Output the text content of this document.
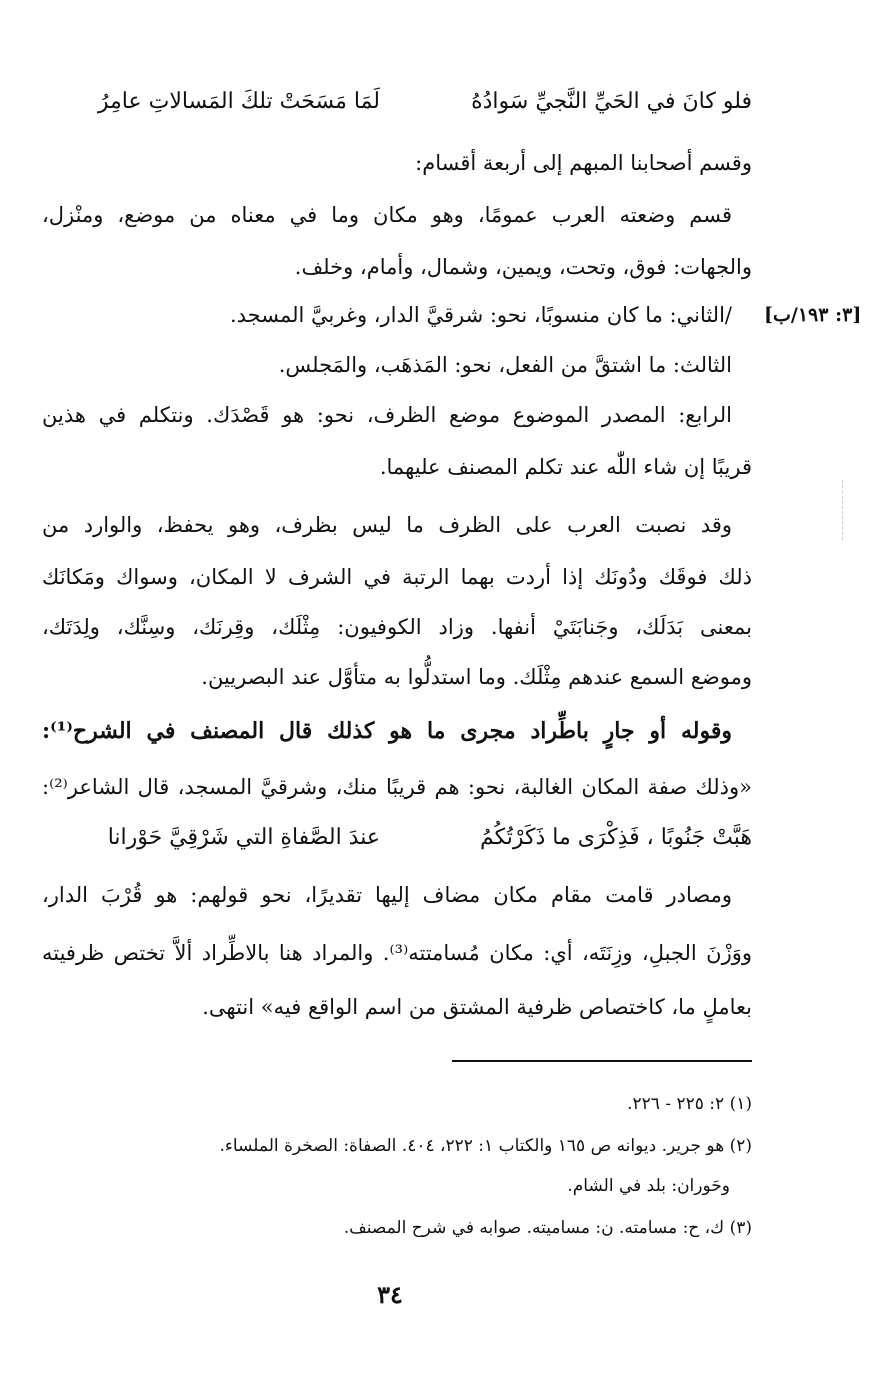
فلو كانَ في الحَيِّ النَّجيِّ سَوادُهُ
لَمَا مَسَحَتْ تلكَ المَسالاتِ عامِرُ
وقسم أصحابنا المبهم إلى أربعة أقسام:
قسم وضعته العرب عمومًا، وهو مكان وما في معناه من موضع، ومنْزل،
والجهات: فوق، وتحت، ويمين، وشمال، وأمام، وخلف.
[٣: ١٩٣/ب]
/الثاني: ما كان منسوبًا، نحو: شرقيَّ الدار، وغربيَّ المسجد.
الثالث: ما اشتقَّ من الفعل، نحو: المَذهَب، والمَجلس.
الرابع: المصدر الموضوع موضع الظرف، نحو: هو قَصْدَك. ونتكلم في هذين
قريبًا إن شاء اللّٰه عند تكلم المصنف عليهما.
وقد نصبت العرب على الظرف ما ليس بظرف، وهو يحفظ، والوارد من
ذلك فوقَك ودُونَك إذا أردت بهما الرتبة في الشرف لا المكان، وسواك ومَكانَك
بمعنى بَدَلَك، وجَنابَتَيْ أنفها. وزاد الكوفيون: مِثْلَك، وقِرنَك، وسِنَّك، ولِدَتَك،
وموضع السمع عندهم مِثْلَك. وما استدلُّوا به متأوَّل عند البصريين.
وقوله أو جارٍ باطِّراد مجرى ما هو كذلك قال المصنف في الشرح⁽¹⁾:
«وذلك صفة المكان الغالبة، نحو: هم قريبًا منك، وشرقيَّ المسجد، قال الشاعر⁽²⁾:
هَبَّتْ جَنُوبًا ، فَذِكْرَى ما ذَكَرْتُكُمُ
عندَ الصَّفاةِ التي شَرْقِيَّ حَوْرانا
ومصادر قامت مقام مكان مضاف إليها تقديرًا، نحو قولهم: هو قُرْبَ الدار،
ووَزْنَ الجبلِ، وزِنَتَه، أي: مكان مُسامتته⁽³⁾. والمراد هنا بالاطِّراد ألاَّ تختص ظرفيته
بعاملٍ ما، كاختصاص ظرفية المشتق من اسم الواقع فيه» انتهى.
(١) ٢: ٢٢٥ - ٢٢٦.
(٢) هو جرير. ديوانه ص ١٦٥ والكتاب ١: ٢٢٢، ٤٠٤. الصفاة: الصخرة الملساء.
وحَوران: بلد في الشام.
(٣) ك، ح: مسامته. ن: مساميته. صوابه في شرح المصنف.
٣٤
